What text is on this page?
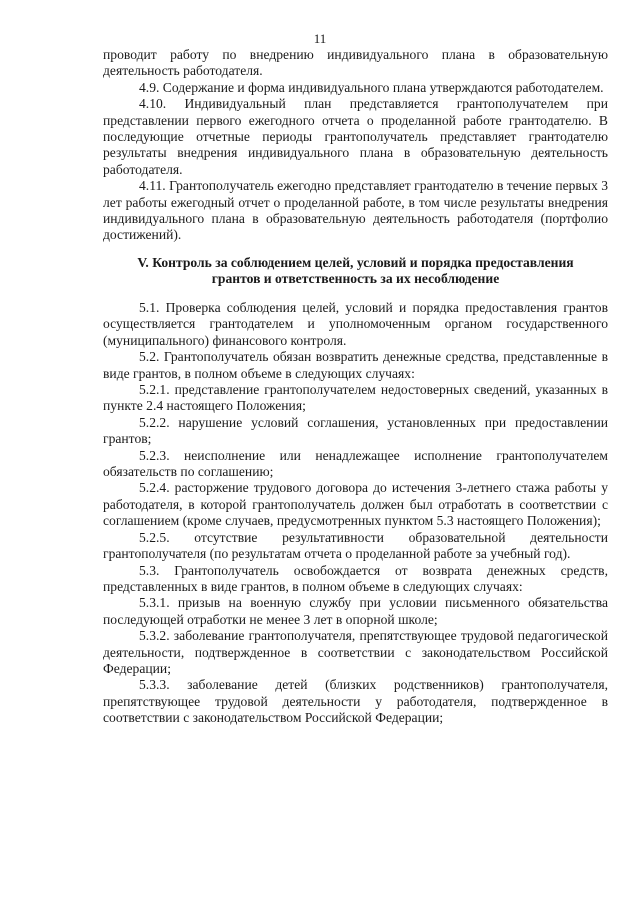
11

проводит работу по внедрению индивидуального плана в образовательную деятельность работодателя.

4.9. Содержание и форма индивидуального плана утверждаются работодателем.

4.10. Индивидуальный план представляется грантополучателем при представлении первого ежегодного отчета о проделанной работе грантодателю. В последующие отчетные периоды грантополучатель представляет грантодателю результаты внедрения индивидуального плана в образовательную деятельность работодателя.

4.11. Грантополучатель ежегодно представляет грантодателю в течение первых 3 лет работы ежегодный отчет о проделанной работе, в том числе результаты внедрения индивидуального плана в образовательную деятельность работодателя (портфолио достижений).

V. Контроль за соблюдением целей, условий и порядка предоставления

грантов и ответственность за их несоблюдение

5.1. Проверка соблюдения целей, условий и порядка предоставления грантов осуществляется грантодателем и уполномоченным органом государственного (муниципального) финансового контроля.

5.2. Грантополучатель обязан возвратить денежные средства, представленные в виде грантов, в полном объеме в следующих случаях:

5.2.1. представление грантополучателем недостоверных сведений, указанных в пункте 2.4 настоящего Положения;

5.2.2. нарушение условий соглашения, установленных при предоставлении грантов;

5.2.3. неисполнение или ненадлежащее исполнение грантополучателем обязательств по соглашению;

5.2.4. расторжение трудового договора до истечения 3-летнего стажа работы у работодателя, в которой грантополучатель должен был отработать в соответствии с соглашением (кроме случаев, предусмотренных пунктом 5.3 настоящего Положения);

5.2.5. отсутствие результативности образовательной деятельности грантополучателя (по результатам отчета о проделанной работе за учебный год).

5.3. Грантополучатель освобождается от возврата денежных средств, представленных в виде грантов, в полном объеме в следующих случаях:

5.3.1. призыв на военную службу при условии письменного обязательства последующей отработки не менее 3 лет в опорной школе;

5.3.2. заболевание грантополучателя, препятствующее трудовой педагогической деятельности, подтвержденное в соответствии с законодательством Российской Федерации;

5.3.3. заболевание детей (близких родственников) грантополучателя, препятствующее трудовой деятельности у работодателя, подтвержденное в соответствии с законодательством Российской Федерации;
